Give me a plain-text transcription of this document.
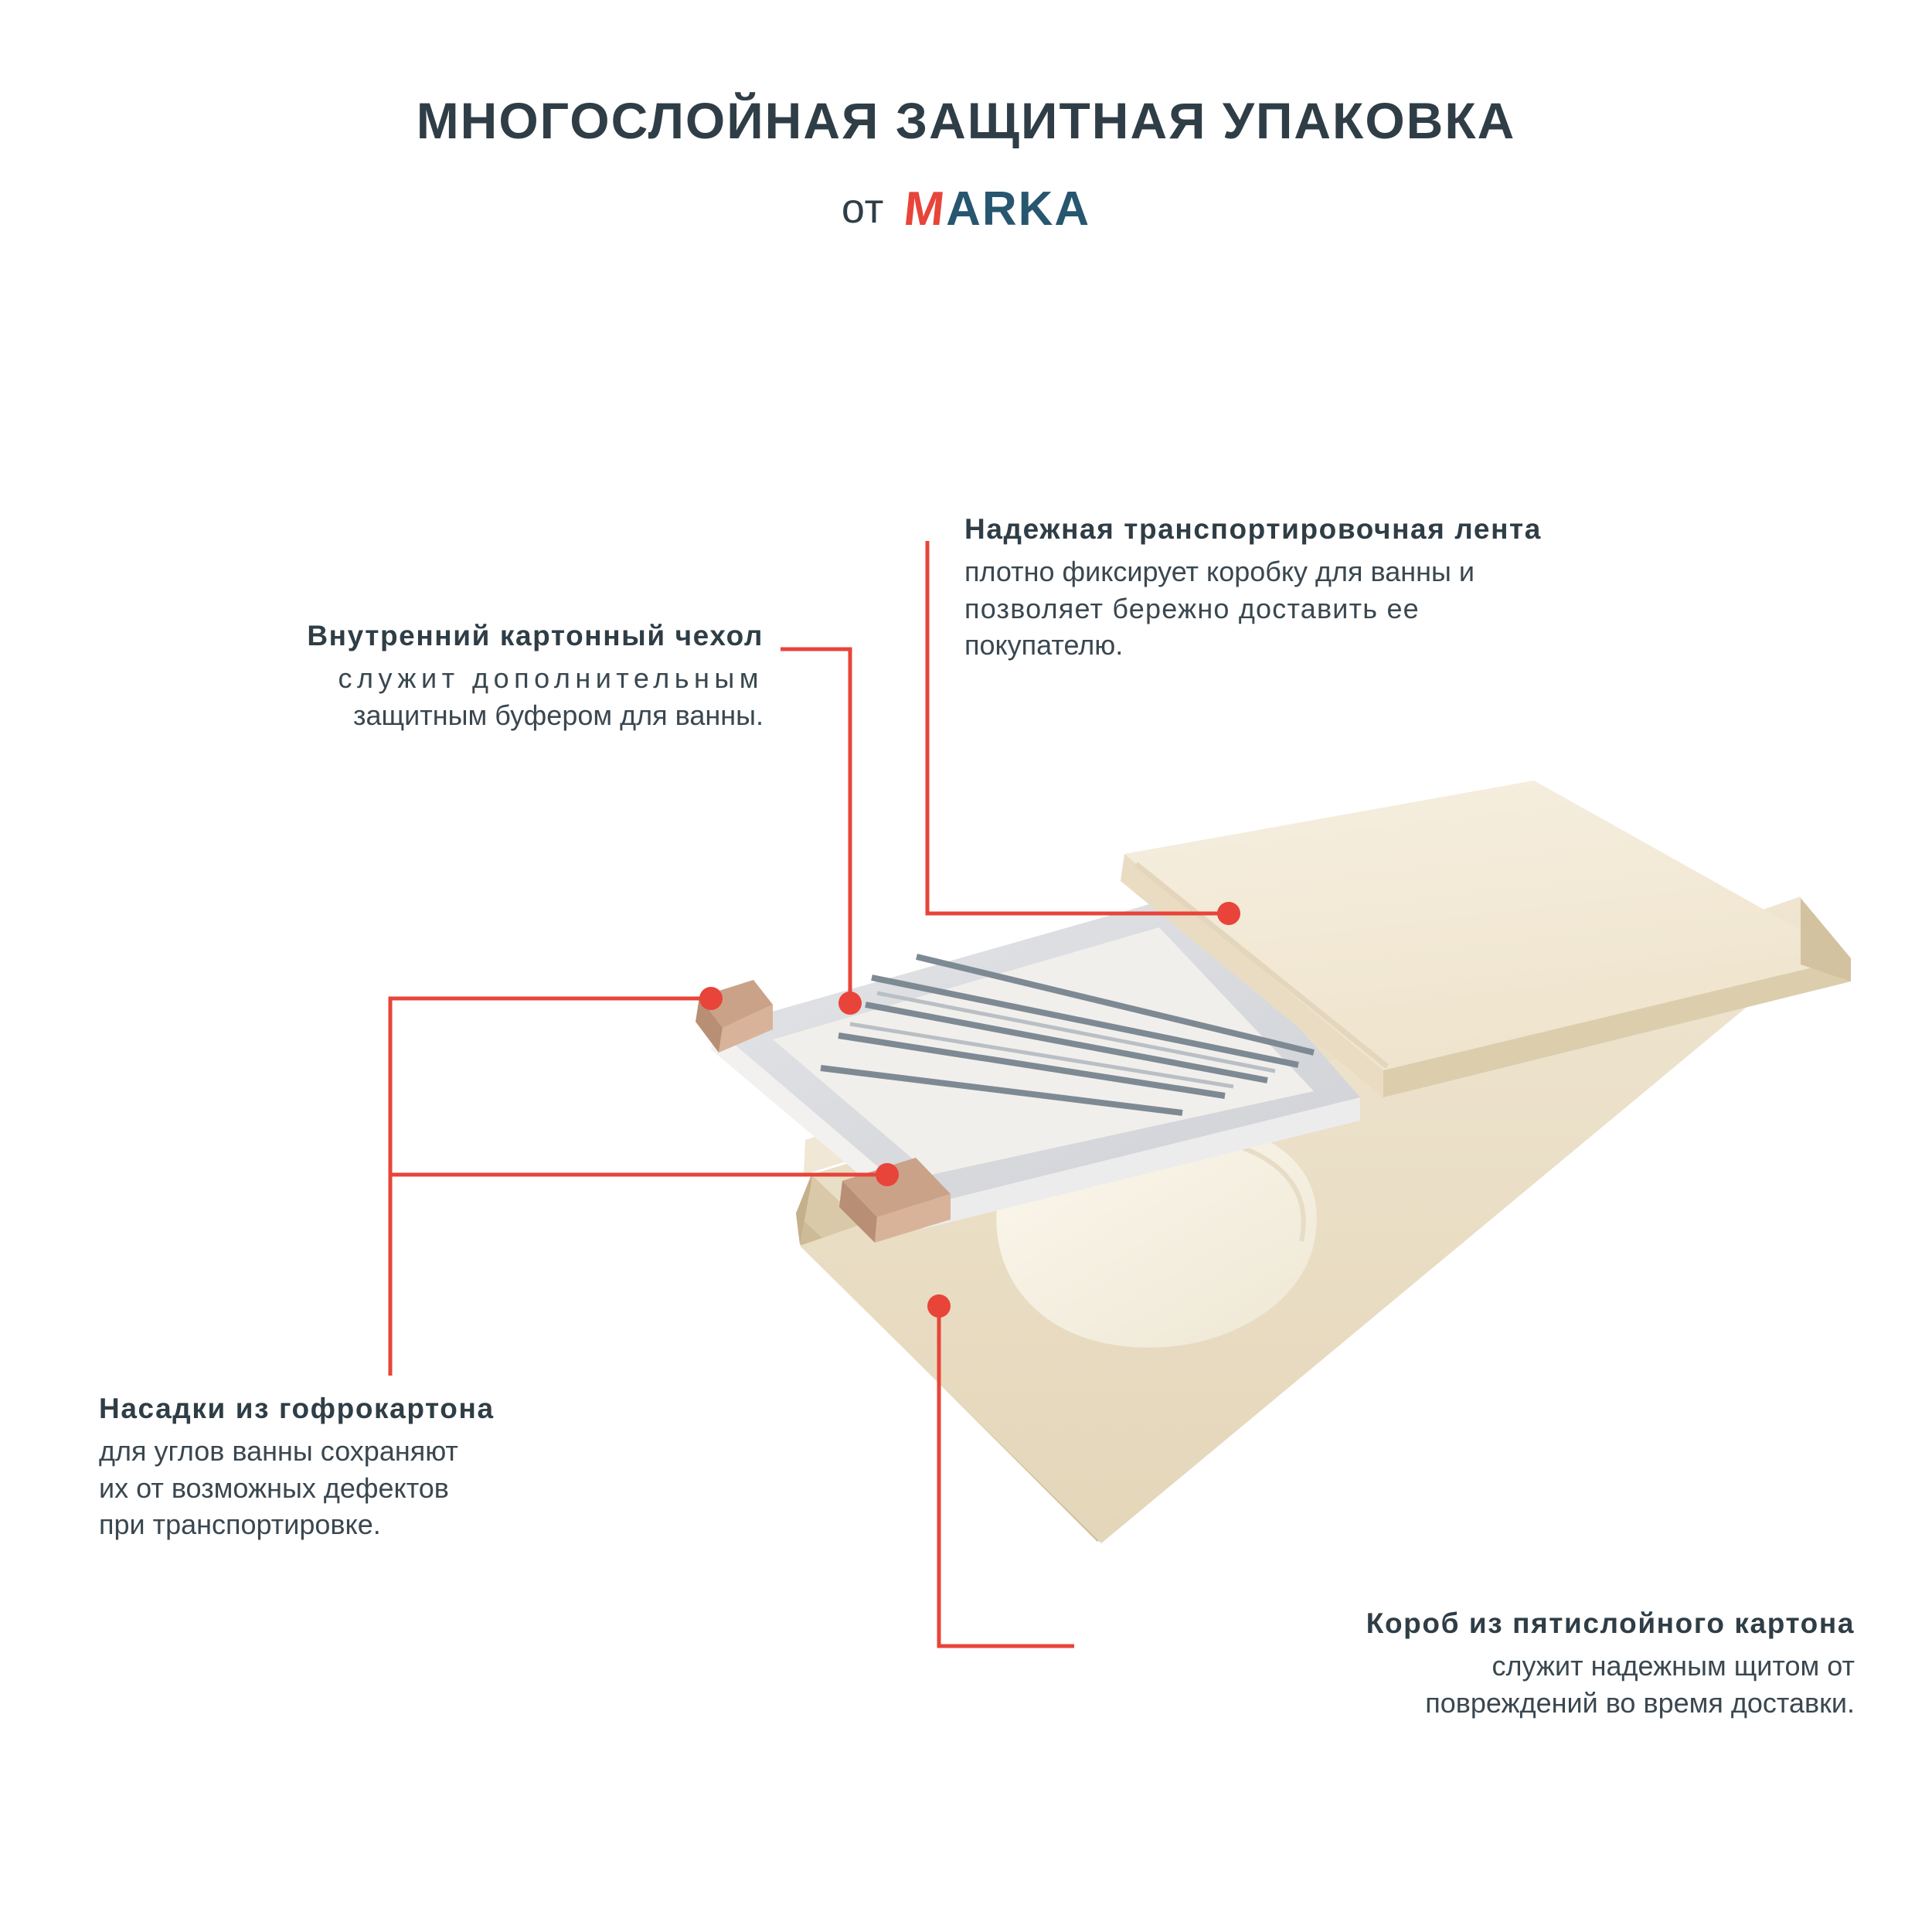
МНОГОСЛОЙНАЯ ЗАЩИТНАЯ УПАКОВКА
от M
ARKA
Внутренний картонный чехол
служит дополнительным
защитным буфером для ванны.
Надежная транспортировочная лента
плотно фиксирует коробку для ванны и
позволяет бережно доставить ее
покупателю.
Насадки из гофрокартона
для углов ванны сохраняют
их от возможных дефектов
при транспортировке.
Короб из пятислойного картона
служит надежным щитом от
повреждений во время доставки.
